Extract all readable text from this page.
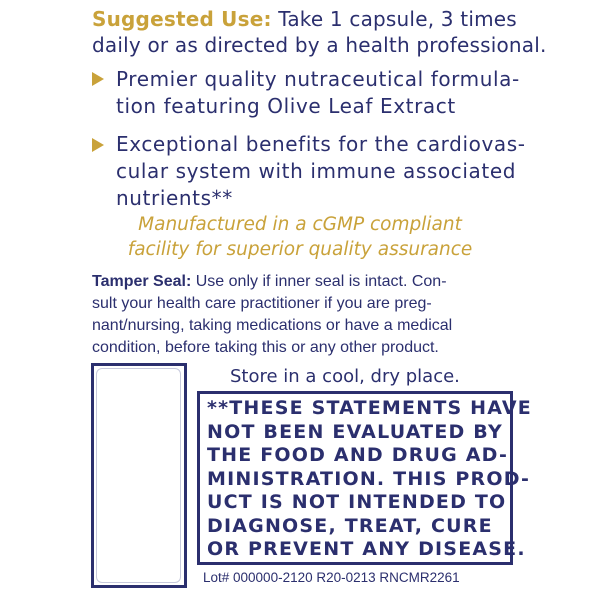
Suggested Use: Take 1 capsule, 3 times
daily or as directed by a health professional.
Premier quality nutraceutical formula-
tion featuring Olive Leaf Extract
Exceptional benefits for the cardiovas-
cular system with immune associated
nutrients**
Manufactured in a cGMP compliant
facility for superior quality assurance
Tamper Seal: Use only if inner seal is intact. Con-
sult your health care practitioner if you are preg-
nant/nursing, taking medications or have a medical
condition, before taking this or any other product.
Store in a cool, dry place.
**THESE STATEMENTS HAVE
NOT BEEN EVALUATED BY
THE FOOD AND DRUG AD-
MINISTRATION. THIS PROD-
UCT IS NOT INTENDED TO
DIAGNOSE, TREAT, CURE
OR PREVENT ANY DISEASE.
Lot# 000000-2120 R20-0213 RNCMR2261
